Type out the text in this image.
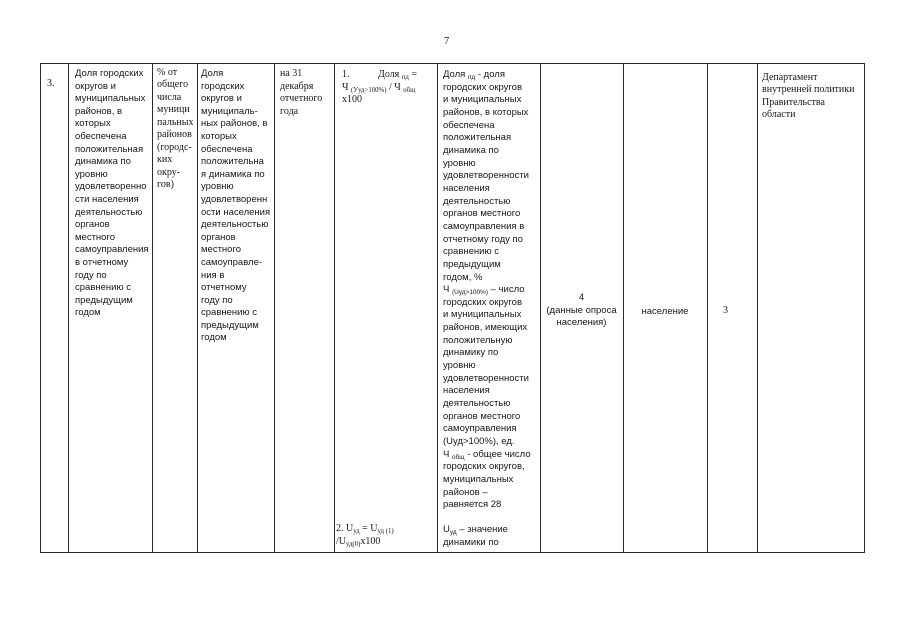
7
3.
Доля городских
округов и
муниципальных
районов, в
которых
обеспечена
положительная
динамика по
уровню
удовлетворенно
сти населения
деятельностью
органов
местного
самоуправления
в отчетному
году по
сравнению с
предыдущим
годом
% от
общего
числа
муници
пальных
районов
(городс-
ких
окру-
гов)
Доля
городских
округов и
муниципаль-
ных районов, в
которых
обеспечена
положительна
я динамика по
уровню
удовлетворенн
ости населения
деятельностью
органов
местного
самоуправле-
ния в
отчетному
году по
сравнению с
предыдущим
годом
на 31
декабря
отчетного
года
1.	Доля $_{пд}$ =
Ч $_{(Ууд>100\%)}$ / Ч $_{общ}$
x100
2. $U_{уд} = U_{уд (1)}$
$/U_{уд(0)}x100$
Доля $_{пд}$ - доля
городских округов
и муниципальных
районов, в которых
обеспечена
положительная
динамика по
уровню
удовлетворенности
населения
деятельностью
органов местного
самоуправления в
отчетному году по
сравнению с
предыдущим
годом, %
Ч $_{(Uуд>100\%)}$ – число
городских округов
и муниципальных
районов, имеющих
положительную
динамику по
уровню
удовлетворенности
населения
деятельностью
органов местного
самоуправления
(Uуд>100%), ед.
Ч $_{общ}$ - общее число
городских округов,
муниципальных
районов –
равняется 28
$U_{уд}$ – значение
динамики по
4
(данные опроса
населения)
население	3
Департамент
внутренней политики
Правительства
области
